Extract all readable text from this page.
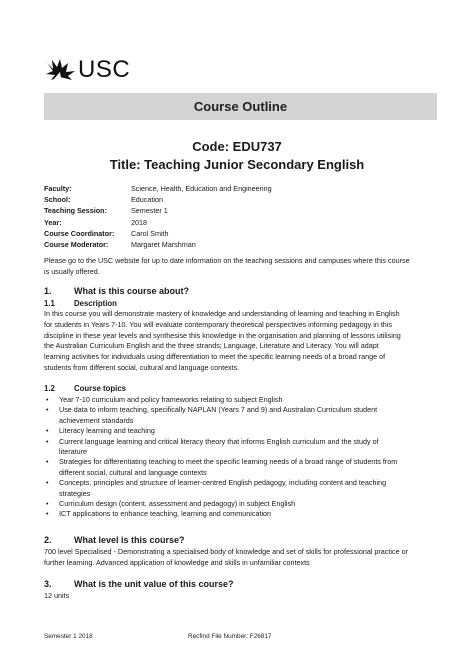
USC
Course Outline
Code: EDU737
Title: Teaching Junior Secondary English
Faculty:	Science, Health, Education and Engineering
School:	Education
Teaching Session:	Semester 1
Year:	2018
Course Coordinator:	Carol Smith
Course Moderator:	Margaret Marshman
Please go to the USC website for up to date information on the teaching sessions and campuses where this course
is usually offered.
1.	What is this course about?
1.1	Description
In this course you will demonstrate mastery of knowledge and understanding of learning and teaching in English
for students in Years 7-10. You will evaluate contemporary theoretical perspectives informing pedagogy in this
discipline in these year levels and synthesise this knowledge in the organisation and planning of lessons utilising
the Australian Curriculum English and the three strands; Language, Literature and Literacy. You will adapt
learning activities for individuals using differentiation to meet the specific learning needs of a broad range of
students from different social, cultural and language contexts.
1.2	Course topics
• Year 7-10 curriculum and policy frameworks relating to subject English
• Use data to inform teaching, specifically NAPLAN (Years 7 and 9) and Australian Curriculum student
achievement standards
• Literacy learning and teaching
• Current language learning and critical literacy theory that informs English curriculum and the study of
literature
• Strategies for differentiating teaching to meet the specific learning needs of a broad range of students from
different social, cultural and language contexts
• Concepts, principles and structure of learner-centred English pedagogy, including content and teaching
strategies
• Curriculum design (content, assessment and pedagogy) in subject English
• ICT applications to enhance teaching, learning and communication
2.	What level is this course?
700 level Specialised - Demonstrating a specialised body of knowledge and set of skills for professional practice or
further learning. Advanced application of knowledge and skills in unfamiliar contexts
3.	What is the unit value of this course?
12 units
Semester 1 2018	Recfind File Number: F26817
